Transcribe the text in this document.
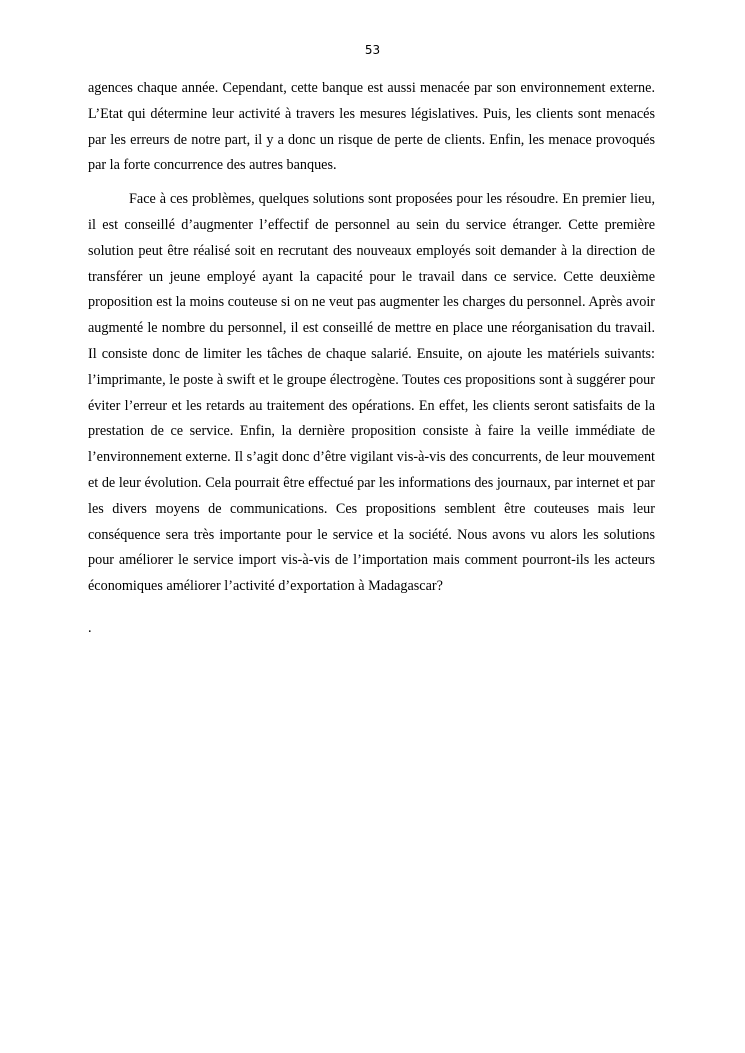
53

agences chaque année. Cependant, cette banque est aussi menacée par son environnement externe. L’Etat qui détermine leur activité à travers les mesures législatives. Puis, les clients sont menacés par les erreurs de notre part, il y a donc un risque de perte de clients. Enfin, les menace provoqués par la forte concurrence des autres banques.

Face à ces problèmes, quelques solutions sont proposées pour les résoudre. En premier lieu, il est conseillé d’augmenter l’effectif de personnel au sein du service étranger. Cette première solution peut être réalisé soit en recrutant des nouveaux employés soit demander à la direction de transférer un jeune employé ayant la capacité pour le travail dans ce service. Cette deuxième proposition est la moins couteuse si on ne veut pas augmenter les charges du personnel. Après avoir augmenté le nombre du personnel, il est conseillé de mettre en place une réorganisation du travail. Il consiste donc de limiter les tâches de chaque salarié. Ensuite, on ajoute les matériels suivants: l’imprimante, le poste à swift et le groupe électrogène. Toutes ces propositions sont à suggérer pour éviter l’erreur et les retards au traitement des opérations. En effet, les clients seront satisfaits de la prestation de ce service. Enfin, la dernière proposition consiste à faire la veille immédiate de l’environnement externe. Il s’agit donc d’être vigilant vis-à-vis des concurrents, de leur mouvement et de leur évolution. Cela pourrait être effectué par les informations des journaux, par internet et par les divers moyens de communications. Ces propositions semblent être couteuses mais leur conséquence sera très importante pour le service et la société. Nous avons vu alors les solutions pour améliorer le service import vis-à-vis de l’importation mais comment pourront-ils les acteurs économiques améliorer l’activité d’exportation à Madagascar?

.
